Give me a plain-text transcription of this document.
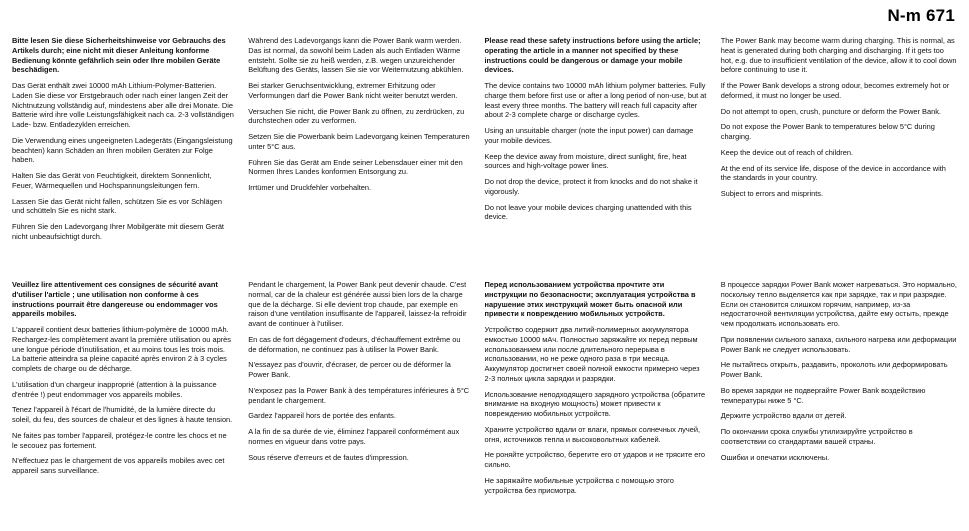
N-m 671

Bitte lesen Sie diese Sicherheitshinweise vor Gebrauchs des Artikels durch; eine nicht mit dieser Anleitung konforme Bedienung könnte gefährlich sein oder Ihre mobilen Geräte beschädigen.

Das Gerät enthält zwei 10000 mAh Lithium-Polymer-Batterien. Laden Sie diese vor Erstgebrauch oder nach einer langen Zeit der Nichtnutzung vollständig auf, mindestens aber alle drei Monate. Die Batterie wird ihre volle Leistungsfähigkeit nach ca. 2-3 vollständigen Lade- bzw. Entladezyklen erreichen.

Die Verwendung eines ungeeigneten Ladegeräts (Eingangsleistung beachten) kann Schäden an Ihren mobilen Geräten zur Folge haben.

Halten Sie das Gerät von Feuchtigkeit, direktem Sonnenlicht, Feuer, Wärmequellen und Hochspannungsleitungen fern.

Lassen Sie das Gerät nicht fallen, schützen Sie es vor Schlägen und schütteln Sie es nicht stark.

Führen Sie den Ladevorgang Ihrer Mobilgeräte mit diesem Gerät nicht unbeaufsichtigt durch.

Während des Ladevorgangs kann die Power Bank warm werden. Das ist normal, da sowohl beim Laden als auch Entladen Wärme entsteht. Sollte sie zu heiß werden, z.B. wegen unzureichender Belüftung des Geräts, lassen Sie sie vor Weiternutzung abkühlen.

Bei starker Geruchsentwicklung, extremer Erhitzung oder Verformungen darf die Power Bank nicht weiter benutzt werden.

Versuchen Sie nicht, die Power Bank zu öffnen, zu zerdrücken, zu durchstechen oder zu verformen.

Setzen Sie die Powerbank beim Ladevorgang keinen Temperaturen unter 5°C aus.

Führen Sie das Gerät am Ende seiner Lebensdauer einer mit den Normen Ihres Landes konformen Entsorgung zu.

Irrtümer und Druckfehler vorbehalten.

Please read these safety instructions before using the article; operating the article in a manner not specified by these instructions could be dangerous or damage your mobile devices.

The device contains two 10000 mAh lithium polymer batteries. Fully charge them before first use or after a long period of non-use, but at least every three months. The battery will reach full capacity after about 2-3 complete charge or discharge cycles.

Using an unsuitable charger (note the input power) can damage your mobile devices.

Keep the device away from moisture, direct sunlight, fire, heat sources and high-voltage power lines.

Do not drop the device, protect it from knocks and do not shake it vigorously.

Do not leave your mobile devices charging unattended with this device.

The Power Bank may become warm during charging. This is normal, as heat is generated during both charging and discharging. If it gets too hot, e.g. due to insufficient ventilation of the device, allow it to cool down before continuing to use it.

If the Power Bank develops a strong odour, becomes extremely hot or deformed, it must no longer be used.

Do not attempt to open, crush, puncture or deform the Power Bank.

Do not expose the Power Bank to temperatures below 5°C during charging.

Keep the device out of reach of children.

At the end of its service life, dispose of the device in accordance with the standards in your country.

Subject to errors and misprints.

Veuillez lire attentivement ces consignes de sécurité avant d'utiliser l'article ; une utilisation non conforme à ces instructions pourrait être dangereuse ou endommager vos appareils mobiles.

L'appareil contient deux batteries lithium-polymère de 10000 mAh. Rechargez-les complètement avant la première utilisation ou après une longue période d'inutilisation, et au moins tous les trois mois. La batterie atteindra sa pleine capacité après environ 2 à 3 cycles complets de charge ou de décharge.

L'utilisation d'un chargeur inapproprié (attention à la puissance d'entrée !) peut endommager vos appareils mobiles.

Tenez l'appareil à l'écart de l'humidité, de la lumière directe du soleil, du feu, des sources de chaleur et des lignes à haute tension.

Ne faites pas tomber l'appareil, protégez-le contre les chocs et ne le secouez pas fortement.

N'effectuez pas le chargement de vos appareils mobiles avec cet appareil sans surveillance.

Pendant le chargement, la Power Bank peut devenir chaude. C'est normal, car de la chaleur est générée aussi bien lors de la charge que de la décharge. Si elle devient trop chaude, par exemple en raison d'une ventilation insuffisante de l'appareil, laissez-la refroidir avant de continuer à l'utiliser.

En cas de fort dégagement d'odeurs, d'échauffement extrême ou de déformation, ne continuez pas à utiliser la Power Bank.

N'essayez pas d'ouvrir, d'écraser, de percer ou de déformer la Power Bank.

N'exposez pas la Power Bank à des températures inférieures à 5°C pendant le chargement.

Gardez l'appareil hors de portée des enfants.

A la fin de sa durée de vie, éliminez l'appareil conformément aux normes en vigueur dans votre pays.

Sous réserve d'erreurs et de fautes d'impression.

Перед использованием устройства прочтите эти инструкции по безопасности; эксплуатация устройства в нарушение этих инструкций может быть опасной или привести к повреждению мобильных устройств.

Устройство содержит два литий-полимерных аккумулятора емкостью 10000 мАч. Полностью заряжайте их перед первым использованием или после длительного перерыва в использовании, но не реже одного раза в три месяца. Аккумулятор достигнет своей полной емкости примерно через 2-3 полных цикла зарядки и разрядки.

Использование неподходящего зарядного устройства (обратите внимание на входную мощность) может привести к повреждению мобильных устройств.

Храните устройство вдали от влаги, прямых солнечных лучей, огня, источников тепла и высоковольтных кабелей.

Не роняйте устройство, берегите его от ударов и не трясите его сильно.

Не заряжайте мобильные устройства с помощью этого устройства без присмотра.

В процессе зарядки Power Bank может нагреваться. Это нормально, поскольку тепло выделяется как при зарядке, так и при разрядке. Если он становится слишком горячим, например, из-за недостаточной вентиляции устройства, дайте ему остыть, прежде чем продолжать использовать его.

При появлении сильного запаха, сильного нагрева или деформации Power Bank не следует использовать.

Не пытайтесь открыть, раздавить, проколоть или деформировать Power Bank.

Во время зарядки не подвергайте Power Bank воздействию температуры ниже 5 °C.

Держите устройство вдали от детей.

По окончании срока службы утилизируйте устройство в соответствии со стандартами вашей страны.

Ошибки и опечатки исключены.
